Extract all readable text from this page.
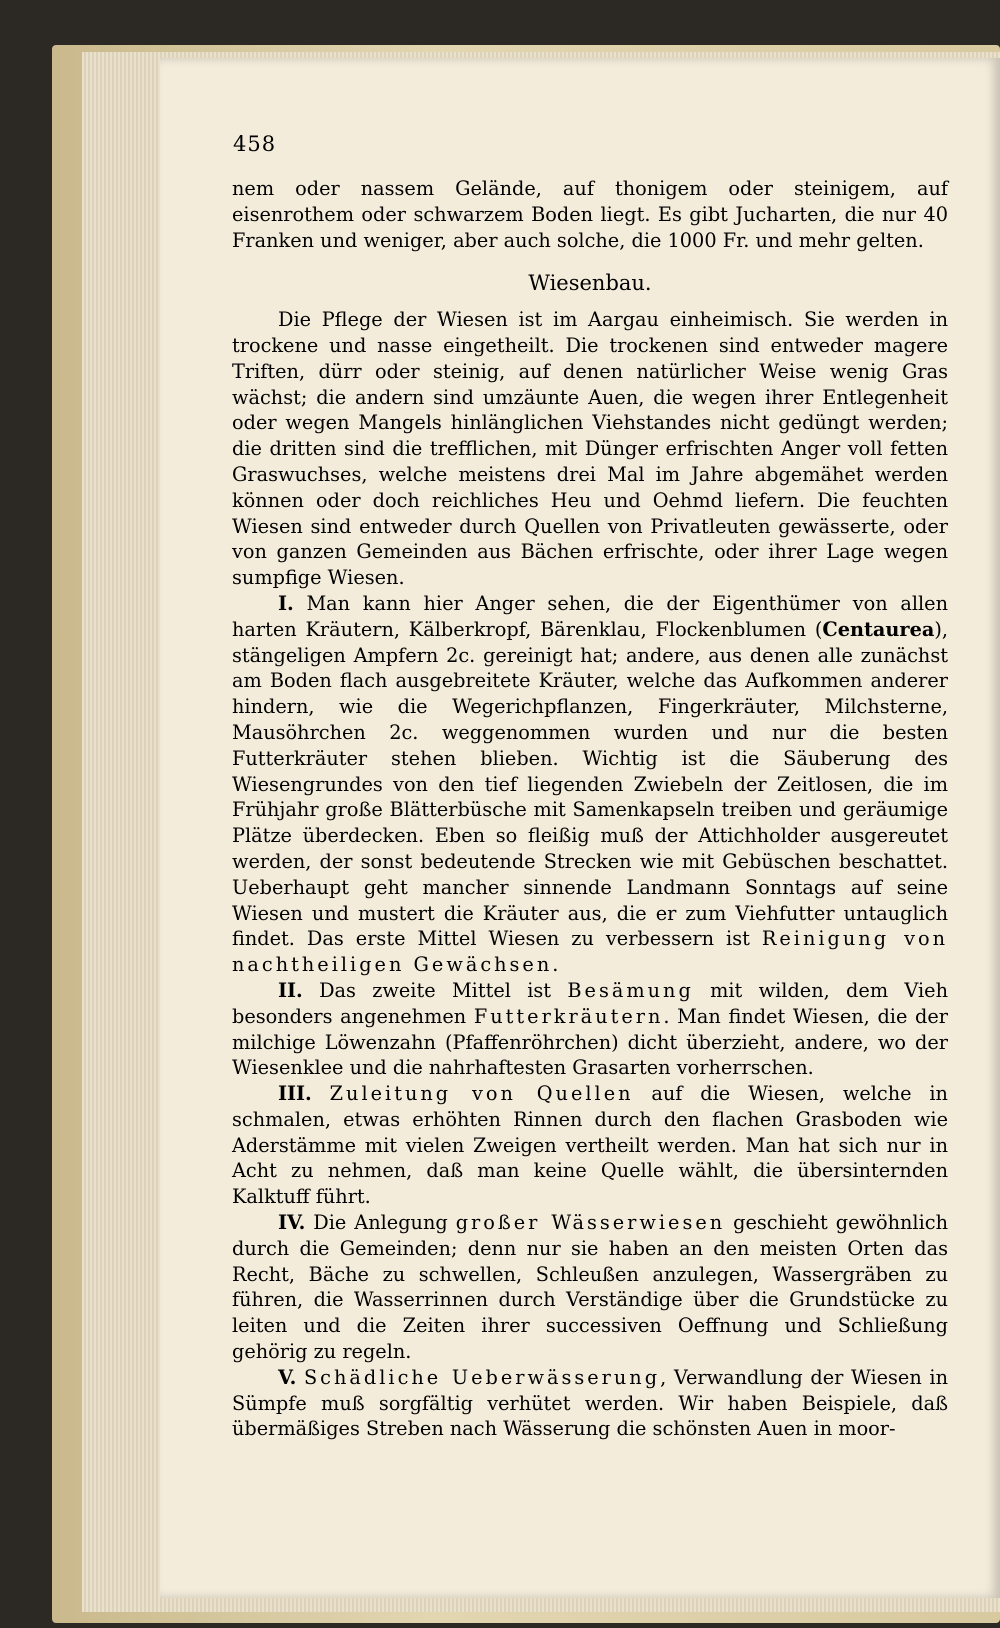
458

nem oder nassem Gelände, auf thonigem oder steinigem, auf eisenrothem oder schwarzem Boden liegt. Es gibt Jucharten, die nur 40 Franken und weniger, aber auch solche, die 1000 Fr. und mehr gelten.

Wiesenbau.

Die Pflege der Wiesen ist im Aargau einheimisch. Sie werden in trockene und nasse eingetheilt. Die trockenen sind entweder magere Triften, dürr oder steinig, auf denen natürlicher Weise wenig Gras wächst; die andern sind umzäunte Auen, die wegen ihrer Entlegenheit oder wegen Mangels hinlänglichen Viehstandes nicht gedüngt werden; die dritten sind die trefflichen, mit Dünger erfrischten Anger voll fetten Graswuchses, welche meistens drei Mal im Jahre abgemähet werden können oder doch reichliches Heu und Oehmd liefern. Die feuchten Wiesen sind entweder durch Quellen von Privatleuten gewässerte, oder von ganzen Gemeinden aus Bächen erfrischte, oder ihrer Lage wegen sumpfige Wiesen.

I. Man kann hier Anger sehen, die der Eigenthümer von allen harten Kräutern, Kälberkropf, Bärenklau, Flockenblumen (Centaurea), stängeligen Ampfern 2c. gereinigt hat; andere, aus denen alle zunächst am Boden flach ausgebreitete Kräuter, welche das Aufkommen anderer hindern, wie die Wegerichpflanzen, Fingerkräuter, Milchsterne, Mausöhrchen 2c. weggenommen wurden und nur die besten Futterkräuter stehen blieben. Wichtig ist die Säuberung des Wiesengrundes von den tief liegenden Zwiebeln der Zeitlosen, die im Frühjahr große Blätterbüsche mit Samenkapseln treiben und geräumige Plätze überdecken. Eben so fleißig muß der Attichholder ausgereutet werden, der sonst bedeutende Strecken wie mit Gebüschen beschattet. Ueberhaupt geht mancher sinnende Landmann Sonntags auf seine Wiesen und mustert die Kräuter aus, die er zum Viehfutter untauglich findet. Das erste Mittel Wiesen zu verbessern ist Reinigung von nachtheiligen Gewächsen.

II. Das zweite Mittel ist Besämung mit wilden, dem Vieh besonders angenehmen Futterkräutern. Man findet Wiesen, die der milchige Löwenzahn (Pfaffenröhrchen) dicht überzieht, andere, wo der Wiesenklee und die nahrhaftesten Grasarten vorherrschen.

III. Zuleitung von Quellen auf die Wiesen, welche in schmalen, etwas erhöhten Rinnen durch den flachen Grasboden wie Aderstämme mit vielen Zweigen vertheilt werden. Man hat sich nur in Acht zu nehmen, daß man keine Quelle wählt, die übersinternden Kalktuff führt.

IV. Die Anlegung großer Wässerwiesen geschieht gewöhnlich durch die Gemeinden; denn nur sie haben an den meisten Orten das Recht, Bäche zu schwellen, Schleußen anzulegen, Wassergräben zu führen, die Wasserrinnen durch Verständige über die Grundstücke zu leiten und die Zeiten ihrer successiven Oeffnung und Schließung gehörig zu regeln.

V. Schädliche Ueberwässerung, Verwandlung der Wiesen in Sümpfe muß sorgfältig verhütet werden. Wir haben Beispiele, daß übermäßiges Streben nach Wässerung die schönsten Auen in moor-
